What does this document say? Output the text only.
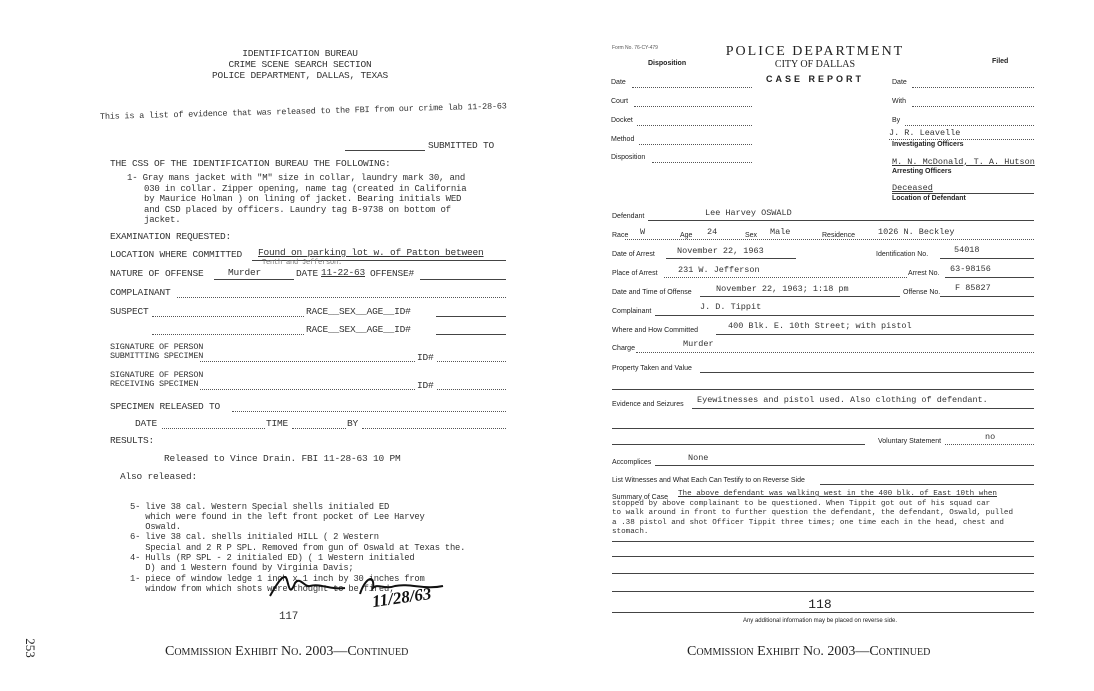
253
IDENTIFICATION BUREAU
CRIME SCENE SEARCH SECTION
POLICE DEPARTMENT, DALLAS, TEXAS
This is a list of evidence that was released to the FBI from our crime lab 11-28-63
SUBMITTED TO
THE CSS OF THE IDENTIFICATION BUREAU THE FOLLOWING:
1- Gray mans jacket with "M" size in collar, laundry mark 30, and
030 in collar. Zipper opening, name tag (created in California
by Maurice Holman ) on lining of jacket. Bearing initials WED
and CSD placed by officers. Laundry tag B-9738 on bottom of
jacket.
EXAMINATION REQUESTED:
LOCATION WHERE COMMITTED Found on parking lot w. of Patton between
Tenth and Jefferson.
NATURE OF OFFENSE	Murder	DATE 11-22-63 OFFENSE#
COMPLAINANT
SUSPECT	RACE__SEX__AGE__ID#
RACE__SEX__AGE__ID#
SIGNATURE OF PERSON
SUBMITTING SPECIMEN	ID#
SIGNATURE OF PERSON
RECEIVING SPECIMEN	ID#
SPECIMEN RELEASED TO
DATE	TIME	BY
RESULTS:
Released to Vince Drain. FBI 11-28-63 10 PM
Also released:

5- live 38 cal. Western Special shells initialed ED
which were found in the left front pocket of Lee Harvey
Oswald.
6- live 38 cal. shells initialed HILL ( 2 Western
Special and 2 R P SPL. Removed from gun of Oswald at Texas the.
4- Hulls (RP SPL - 2 initialed ED) ( 1 Western initialed
D) and 1 Western found by Virginia Davis;
1- piece of window ledge 1 inch x 1 inch by 30 inches from
window from which shots were thought to be fired;

11/28/63
117
Commission Exhibit No. 2003—Continued
Form No. 76-CY-479	POLICE DEPARTMENT
CITY OF DALLAS
CASE REPORT
Disposition	Filed
Date
Court
Docket
Method
Disposition
Date
With
By
J. R. Leavelle
Investigating Officers
M. N. McDonald, T. A. Hutson
Arresting Officers
Deceased
Location of Defendant
Defendant	Lee Harvey OSWALD
Race W	Age 24	Sex Male	Residence	1026 N. Beckley
Date of Arrest	November 22, 1963	Identification No.	54018
Place of Arrest 231 W. Jefferson	Arrest No. 63-98156
Date and Time of Offense	November 22, 1963; 1:18 pm	Offense No. F 85827
Complainant	J. D. Tippit
Where and How Committed	400 Blk. E. 10th Street; with pistol
Charge	Murder
Property Taken and Value
Evidence and Seizures Eyewitnesses and pistol used. Also clothing of defendant.
Voluntary Statement	no
Accomplices	None
List Witnesses and What Each Can Testify to on Reverse Side
Summary of Case	The above defendant was walking west in the 400 blk. of East 10th when
stopped by above complainant to be questioned. When Tippit got out of his squad car
to walk around in front to further question the defendant, the defendant, Oswald, pulled
a .38 pistol and shot Officer Tippit three times; one time each in the head, chest and
stomach.
118
Any additional information may be placed on reverse side.
Commission Exhibit No. 2003—Continued
